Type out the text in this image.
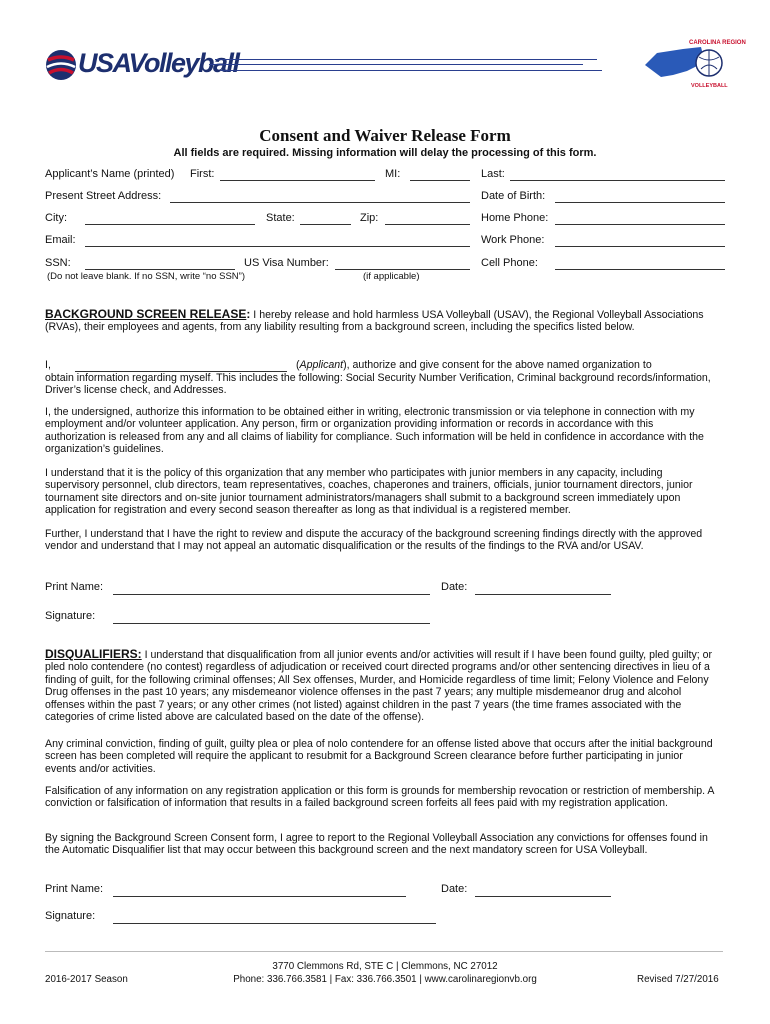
USAVolleyball
CAROLINA REGION
VOLLEYBALL
Consent and Waiver Release Form
All fields are required. Missing information will delay the processing of this form.
Applicant’s Name (printed) First:	MI:	Last:
Present Street Address:	Date of Birth:
City:	State:	Zip:	Home Phone:
Email:	Work Phone:
SSN:	US Visa Number:	Cell Phone:
(Do not leave blank. If no SSN, write “no SSN”)	(if applicable)
BACKGROUND SCREEN RELEASE: I hereby release and hold harmless USA Volleyball (USAV), the Regional Volleyball Associations (RVAs), their employees and agents, from any liability resulting from a background screen, including the specifics listed below.
I,	(Applicant), authorize and give consent for the above named organization to
obtain information regarding myself. This includes the following: Social Security Number Verification, Criminal background records/information, Driver’s license check, and Addresses.
I, the undersigned, authorize this information to be obtained either in writing, electronic transmission or via telephone in connection with my employment and/or volunteer application. Any person, firm or organization providing information or records in accordance with this authorization is released from any and all claims of liability for compliance. Such information will be held in confidence in accordance with the organization’s guidelines.
I understand that it is the policy of this organization that any member who participates with junior members in any capacity, including supervisory personnel, club directors, team representatives, coaches, chaperones and trainers, officials, junior tournament directors, junior tournament site directors and on-site junior tournament administrators/managers shall submit to a background screen immediately upon application for registration and every second season thereafter as long as that individual is a registered member.
Further, I understand that I have the right to review and dispute the accuracy of the background screening findings directly with the approved vendor and understand that I may not appeal an automatic disqualification or the results of the findings to the RVA and/or USAV.
Print Name:	Date:
Signature:
DISQUALIFIERS: I understand that disqualification from all junior events and/or activities will result if I have been found guilty, pled guilty; or pled nolo contendere (no contest) regardless of adjudication or received court directed programs and/or other sentencing directives in lieu of a finding of guilt, for the following criminal offenses; All Sex offenses, Murder, and Homicide regardless of time limit; Felony Violence and Felony Drug offenses in the past 10 years; any misdemeanor violence offenses in the past 7 years; any multiple misdemeanor drug and alcohol offenses within the past 7 years; or any other crimes (not listed) against children in the past 7 years (the time frames associated with the categories of crime listed above are calculated based on the date of the offense).
Any criminal conviction, finding of guilt, guilty plea or plea of nolo contendere for an offense listed above that occurs after the initial background screen has been completed will require the applicant to resubmit for a Background Screen clearance before further participating in junior events and/or activities.
Falsification of any information on any registration application or this form is grounds for membership revocation or restriction of membership. A conviction or falsification of information that results in a failed background screen forfeits all fees paid with my registration application.
By signing the Background Screen Consent form, I agree to report to the Regional Volleyball Association any convictions for offenses found in the Automatic Disqualifier list that may occur between this background screen and the next mandatory screen for USA Volleyball.
Print Name:	Date:
Signature:
2016-2017 Season
3770 Clemmons Rd, STE C | Clemmons, NC 27012
Phone: 336.766.3581 | Fax: 336.766.3501 | www.carolinaregionvb.org	Revised 7/27/2016
